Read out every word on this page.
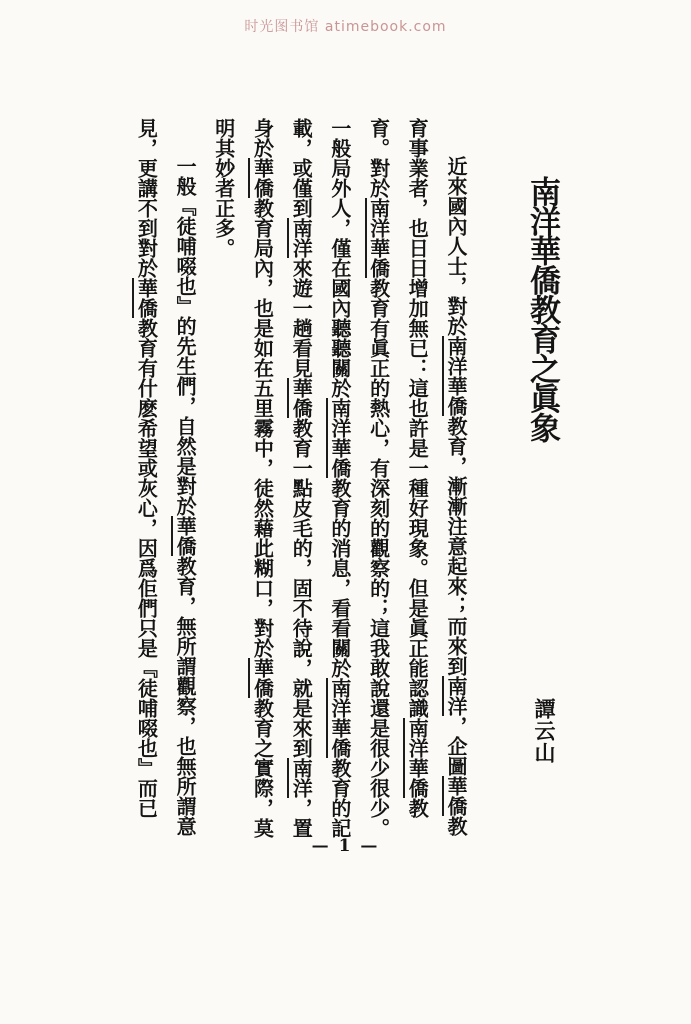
时光图书馆 atimebook.com
南洋華僑教育之眞象
譚云山
近來國內人士，對於南洋華僑教育，漸漸注意起來；而來到南洋，企圖華僑教
育事業者，也日日增加無已：這也許是一種好現象。但是眞正能認識南洋華僑教
育。對於南洋華僑教育有眞正的熱心，有深刻的觀察的；這我敢說還是很少很少。
一般局外人，僅在國內聽聽關於南洋華僑教育的消息，看看關於南洋華僑教育的記
載，或僅到南洋來遊一趟看見華僑教育一點皮毛的，固不待說，就是來到南洋，置
身於華僑教育局內，也是如在五里霧中，徒然藉此糊口，對於華僑教育之實際，莫
明其妙者正多。
一般『徒哺啜也』的先生們，自然是對於華僑教育，無所謂觀察，也無所謂意
見，更講不到對於華僑教育有什麽希望或灰心，因爲佢們只是『徒哺啜也』而已
— 1 —
